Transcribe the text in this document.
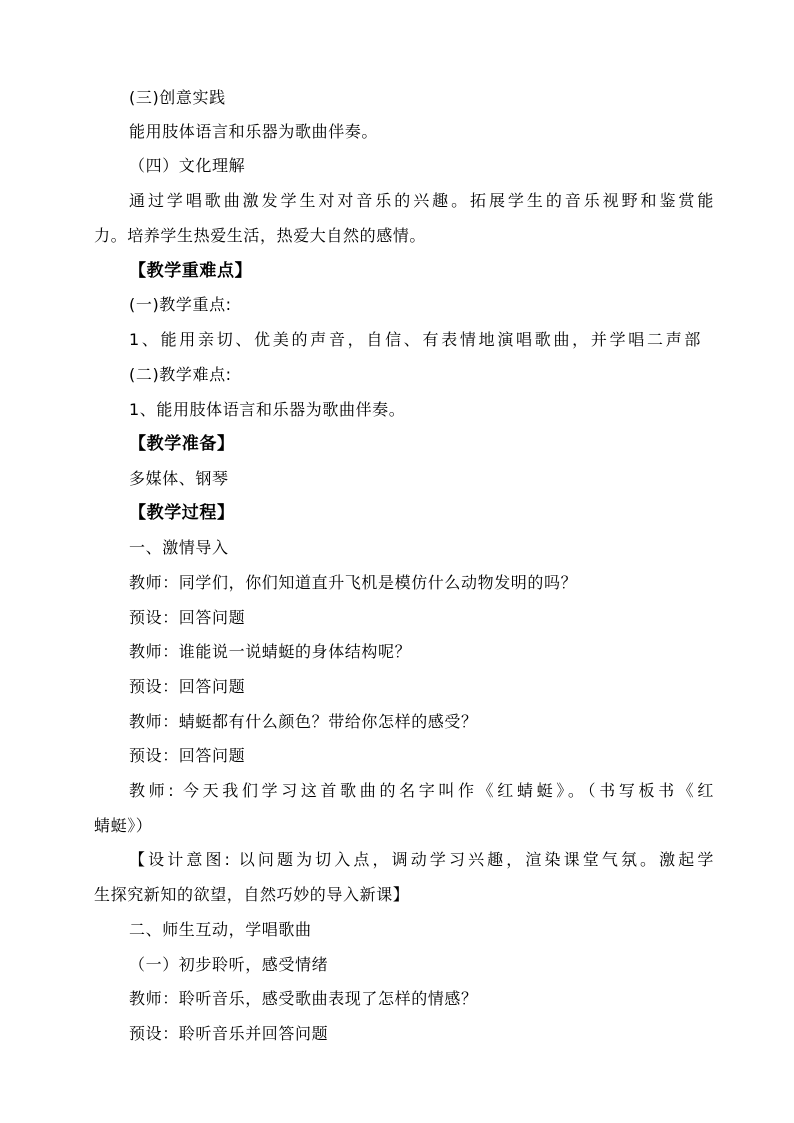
(三)创意实践
能用肢体语言和乐器为歌曲伴奏。
（四）文化理解
通过学唱歌曲激发学生对对音乐的兴趣。拓展学生的音乐视野和鉴赏能
力。培养学生热爱生活，热爱大自然的感情。
【教学重难点】
(一)教学重点:
1、能用亲切、优美的声音，自信、有表情地演唱歌曲，并学唱二声部
(二)教学难点:
1、能用肢体语言和乐器为歌曲伴奏。
【教学准备】
多媒体、钢琴
【教学过程】
一、激情导入
教师：同学们，你们知道直升飞机是模仿什么动物发明的吗？
预设：回答问题
教师：谁能说一说蜻蜓的身体结构呢？
预设：回答问题
教师：蜻蜓都有什么颜色？带给你怎样的感受？
预设：回答问题
教师: 今天我们学习这首歌曲的名字叫作《红蜻蜓》。（书写板书《红
蜻蜓》）
【设计意图: 以问题为切入点，调动学习兴趣，渲染课堂气氛。激起学
生探究新知的欲望，自然巧妙的导入新课】
二、师生互动，学唱歌曲
（一）初步聆听，感受情绪
教师：聆听音乐，感受歌曲表现了怎样的情感？
预设：聆听音乐并回答问题
